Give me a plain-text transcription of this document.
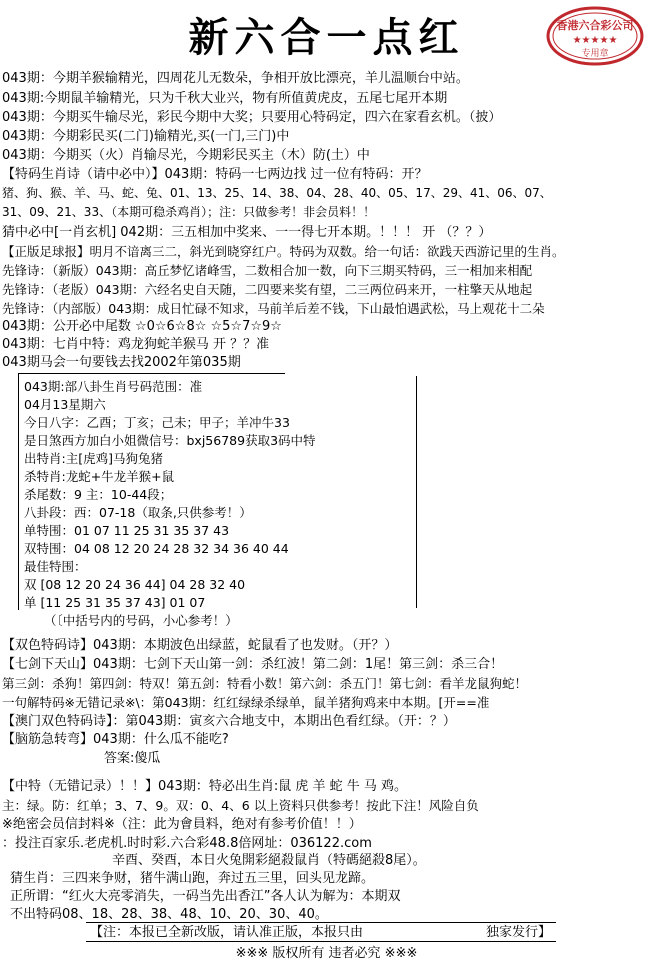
新六合一点红	香港六合彩公司
★★★★★
专用章
043期：今期羊猴输精光，四周花儿无数朵，争相开放比漂亮，羊儿温顺台中站。
043期:今期鼠羊输精光，只为千秋大业兴，物有所值黄虎皮，五尾七尾开本期
043期：今期买牛输尽光，彩民今期中大奖；只要用心特码定，四六在家看玄机。（披）
043期：今期彩民买(二门)输精光,买(一门,三门)中
043期：今期买（火）肖输尽光，今期彩民买主（木）防(土）中
【特码生肖诗（请中必中）】043期：特码一七两边找 过一位有特码：开？
猪、狗、猴、羊、马、蛇、兔、01、13、25、14、38、04、28、40、05、17、29、41、06、07、
31、09、21、33、（本期可稳杀鸡肖）；注：只做参考！非会员料！！
猜中必中[一肖玄机] 042期：三五相加中奖来、一一得七开本期。！！！ 开 （？？）
【正版足球报】明月不谙离三二，斜光到晓穿红户。特码为双数。给一句话：欲践天西游记里的生肖。
先锋诗：（新版）043期：高丘梦忆诸峰雪，二数相合加一数，向下三期买特码，三一相加来相配
先锋诗：（老版）043期：六经名史自天随，二四要来奖有望，二三两位码来开，一柱擎天从地起
先锋诗：（内部版）043期：成日忙碌不知求，马前羊后差不钱，下山最怕遇武松，马上观花十二朵
043期：公开必中尾数 ☆0☆6☆8☆ ☆5☆7☆9☆
043期：七肖中特：鸡龙狗蛇羊猴马 开 ？？准
043期马会一句要钱去找2002年第035期
043期:部八卦生肖号码范围：准
04月13星期六
今日八字：乙酉；丁亥；己未；甲子；羊冲牛33
是日煞西方加白小姐微信号：bxj56789获取3码中特
出特肖:主[虎鸡]马狗兔猪
杀特肖:龙蛇+牛龙羊猴+鼠
杀尾数：9 主：10-44段；
八卦段：西：07-18（取条,只供参考！）
单特围：01 07 11 25 31 35 37 43
双特围：04 08 12 20 24 28 32 34 36 40 44
最佳特围：
双 [08 12 20 24 36 44] 04 28 32 40
单 [11 25 31 35 37 43] 01 07
（〔中括号内的号码，小心参考！）
【双色特码诗】043期：本期波色出绿蓝，蛇鼠看了也发财。（开？）
【七剑下天山】043期：七剑下天山第一剑：杀红波！第二剑：1尾！第三剑：杀三合！
第三剑：杀狗！第四剑：特双！第五剑：特看小数！第六剑：杀五门！第七剑：看羊龙鼠狗蛇！
一句解特码※无错记录※\：第043期：红红绿绿杀绿单，鼠羊猪狗鸡来中本期。[开==准
【澳门双色特码诗】：第043期：寅亥六合地支中，本期出色看红绿。（开：？）
【脑筋急转弯】043期：什么瓜不能吃?
答案:傻瓜
【中特（无错记录）！！】043期：特必出生肖:鼠 虎 羊 蛇 牛 马 鸡。
主：绿。防：红单；3、7、9。双：0、4、6 以上资料只供参考！按此下注！风险自负
※绝密会员信封料※（注：此为會員料，绝对有参考价值！！）
：投注百家乐.老虎机.时时彩.六合彩48.8倍网址：036122.com
辛酉、癸酉，本日火兔開彩絕殺鼠肖（特碼絕殺8尾）。
猜生肖：三四来争财，猪牛满山跑，奔过五三里，回头见龙蹄。
正所谓：“红火大亮零消失，一码当先出香江”各人认为解为：本期双
不出特码08、18、28、38、48、10、20、30、40。
【注：本报已全新改版，请认准正版，本报只由	独家发行】
※※※ 版权所有 违者必究 ※※※
